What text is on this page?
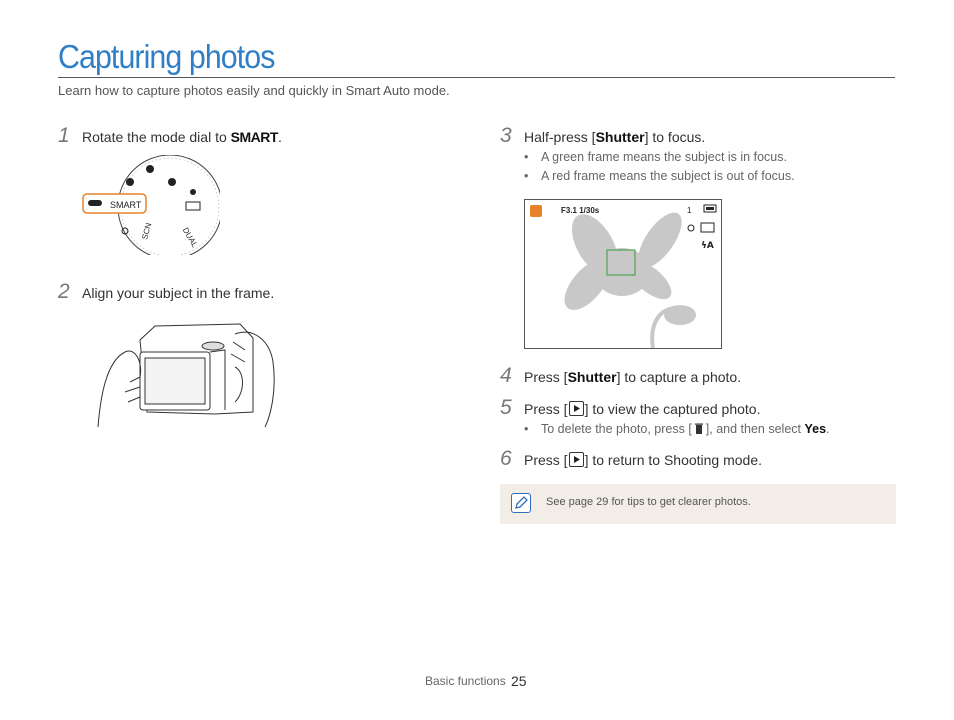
Capturing photos
Learn how to capture photos easily and quickly in Smart Auto mode.
1 Rotate the mode dial to SMART.
SMART
SCN	DUAL
2 Align your subject in the frame.
3 Half-press [Shutter] to focus.
• A green frame means the subject is in focus.
• A red frame means the subject is out of focus.
F3.1 1/30s	1
ϟA
4 Press [Shutter] to capture a photo.
5 Press [ ] to view the captured photo.
• To delete the photo, press [ ], and then select Yes.
6 Press [ ] to return to Shooting mode.
See page 29 for tips to get clearer photos.
Basic functions 25
